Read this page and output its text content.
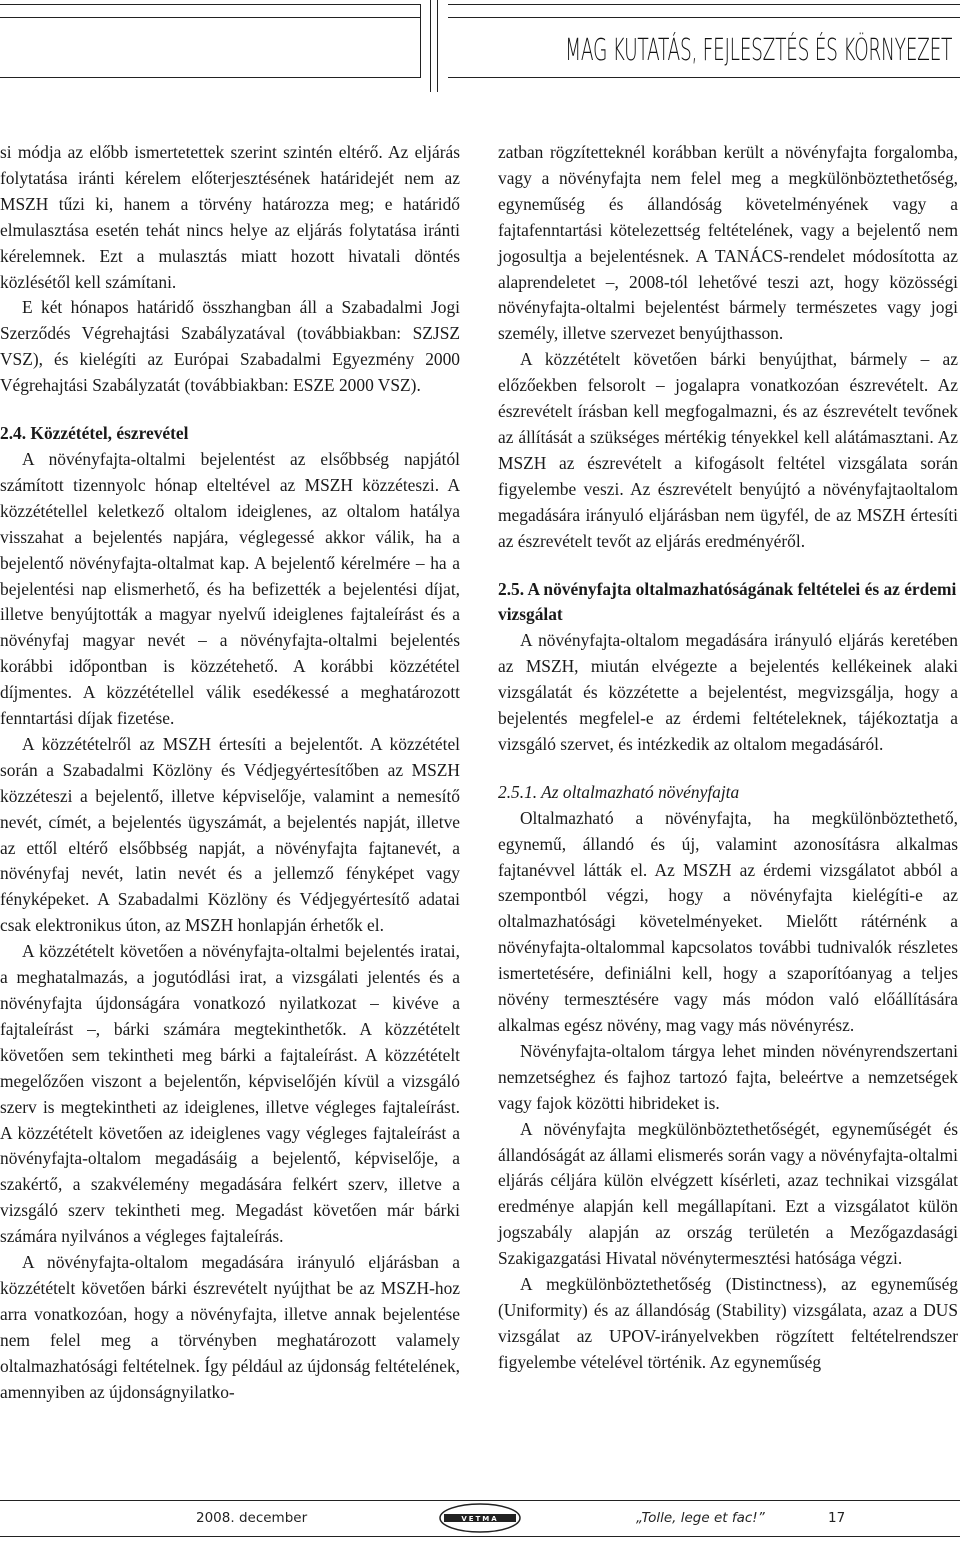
MAG KUTATÁS, FEJLESZTÉS ÉS KÖRNYEZET

si módja az előbb ismertetettek szerint szintén eltérő. Az eljárás folytatása iránti kérelem előterjesztésének határidejét nem az MSZH tűzi ki, hanem a törvény határozza meg; e határidő elmulasztása esetén tehát nincs helye az eljárás folytatása iránti kérelemnek. Ezt a mulasztás miatt hozott hivatali döntés közlésétől kell számítani.

E két hónapos határidő összhangban áll a Szabadalmi Jogi Szerződés Végrehajtási Szabályzatával (továbbiakban: SZJSZ VSZ), és kielégíti az Európai Szabadalmi Egyezmény 2000 Végrehajtási Szabályzatát (továbbiakban: ESZE 2000 VSZ).

2.4. Közzététel, észrevétel

A növényfajta-oltalmi bejelentést az elsőbbség napjától számított tizennyolc hónap elteltével az MSZH közzéteszi. A közzététellel keletkező oltalom ideiglenes, az oltalom hatálya visszahat a bejelentés napjára, véglegessé akkor válik, ha a bejelentő növényfajta-oltalmat kap. A bejelentő kérelmére – ha a bejelentési nap elismerhető, és ha befizették a bejelentési díjat, illetve benyújtották a magyar nyelvű ideiglenes fajtaleírást és a növényfaj magyar nevét – a növényfajta-oltalmi bejelentés korábbi időpontban is közzétehető. A korábbi közzététel díjmentes. A közzététellel válik esedékessé a meghatározott fenntartási díjak fizetése.

A közzétételről az MSZH értesíti a bejelentőt. A közzététel során a Szabadalmi Közlöny és Védjegyértesítőben az MSZH közzéteszi a bejelentő, illetve képviselője, valamint a nemesítő nevét, címét, a bejelentés ügyszámát, a bejelentés napját, illetve az ettől eltérő elsőbbség napját, a növényfajta fajtanevét, a növényfaj nevét, latin nevét és a jellemző fényképet vagy fényképeket. A Szabadalmi Közlöny és Védjegyértesítő adatai csak elektronikus úton, az MSZH honlapján érhetők el.

A közzétételt követően a növényfajta-oltalmi bejelentés iratai, a meghatalmazás, a jogutódlási irat, a vizsgálati jelentés és a növényfajta újdonságára vonatkozó nyilatkozat – kivéve a fajtaleírást –, bárki számára megtekinthetők. A közzétételt követően sem tekintheti meg bárki a fajtaleírást. A közzétételt megelőzően viszont a bejelentőn, képviselőjén kívül a vizsgáló szerv is megtekintheti az ideiglenes, illetve végleges fajtaleírást. A közzétételt követően az ideiglenes vagy végleges fajtaleírást a növényfajta-oltalom megadásáig a bejelentő, képviselője, a szakértő, a szakvélemény megadására felkért szerv, illetve a vizsgáló szerv tekintheti meg. Megadást követően már bárki számára nyilvános a végleges fajtaleírás.

A növényfajta-oltalom megadására irányuló eljárásban a közzétételt követően bárki észrevételt nyújthat be az MSZH-hoz arra vonatkozóan, hogy a növényfajta, illetve annak bejelentése nem felel meg a törvényben meghatározott valamely oltalmazhatósági feltételnek. Így például az újdonság feltételének, amennyiben az újdonságnyilatko-

zatban rögzítetteknél korábban került a növényfajta forgalomba, vagy a növényfajta nem felel meg a megkülönböztethetőség, egyneműség és állandóság követelményének vagy a fajtafenntartási kötelezettség feltételének, vagy a bejelentő nem jogosultja a bejelentésnek. A TANÁCS-rendelet módosította az alaprendeletet –, 2008-tól lehetővé teszi azt, hogy közösségi növényfajta-oltalmi bejelentést bármely természetes vagy jogi személy, illetve szervezet benyújthasson.

A közzétételt követően bárki benyújthat, bármely – az előzőekben felsorolt – jogalapra vonatkozóan észrevételt. Az észrevételt írásban kell megfogalmazni, és az észrevételt tevőnek az állítását a szükséges mértékig tényekkel kell alátámasztani. Az MSZH az észrevételt a kifogásolt feltétel vizsgálata során figyelembe veszi. Az észrevételt benyújtó a növényfajtaoltalom megadására irányuló eljárásban nem ügyfél, de az MSZH értesíti az észrevételt tevőt az eljárás eredményéről.

2.5. A növényfajta oltalmazhatóságának feltételei és az érdemi vizsgálat

A növényfajta-oltalom megadására irányuló eljárás keretében az MSZH, miután elvégezte a bejelentés kellékeinek alaki vizsgálatát és közzétette a bejelentést, megvizsgálja, hogy a bejelentés megfelel-e az érdemi feltételeknek, tájékoztatja a vizsgáló szervet, és intézkedik az oltalom megadásáról.

2.5.1. Az oltalmazható növényfajta

Oltalmazható a növényfajta, ha megkülönböztethető, egynemű, állandó és új, valamint azonosításra alkalmas fajtanévvel látták el. Az MSZH az érdemi vizsgálatot abból a szempontból végzi, hogy a növényfajta kielégíti-e az oltalmazhatósági követelményeket. Mielőtt rátérnénk a növényfajta-oltalommal kapcsolatos további tudnivalók részletes ismertetésére, definiálni kell, hogy a szaporítóanyag a teljes növény termesztésére vagy más módon való előállítására alkalmas egész növény, mag vagy más növényrész.

Növényfajta-oltalom tárgya lehet minden növényrendszertani nemzetséghez és fajhoz tartozó fajta, beleértve a nemzetségek vagy fajok közötti hibrideket is.

A növényfajta megkülönböztethetőségét, egyneműségét és állandóságát az állami elismerés során vagy a növényfajta-oltalmi eljárás céljára külön elvégzett kísérleti, azaz technikai vizsgálat eredménye alapján kell megállapítani. Ezt a vizsgálatot külön jogszabály alapján az ország területén a Mezőgazdasági Szakigazgatási Hivatal növénytermesztési hatósága végzi.

A megkülönböztethetőség (Distinctness), az egyneműség (Uniformity) és az állandóság (Stability) vizsgálata, azaz a DUS vizsgálat az UPOV-irányelvekben rögzített feltételrendszer figyelembe vételével történik. Az egyneműség

2008. december	VETMA	„Tolle, lege et fac!”	17
